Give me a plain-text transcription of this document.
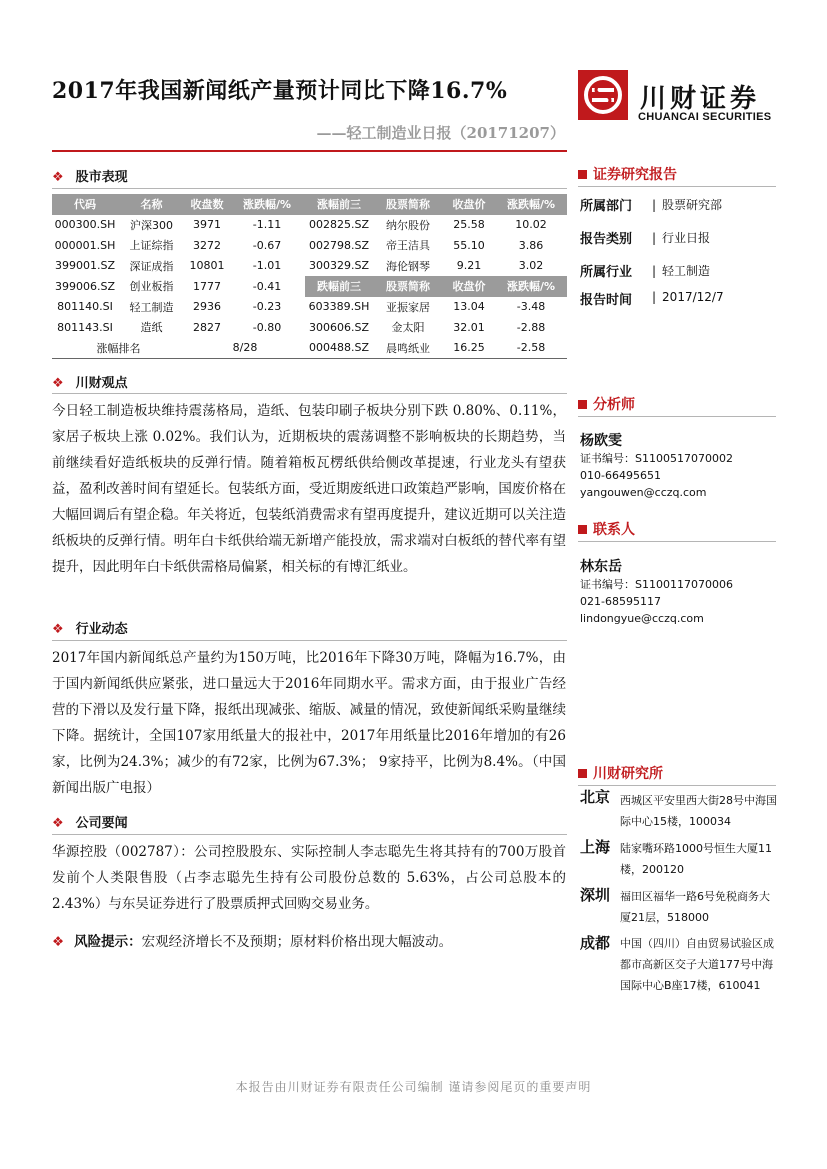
2017年我国新闻纸产量预计同比下降16.7%
——轻工制造业日报（20171207）
川财证券
CHUANCAI SECURITIES
❖ 股市表现
代码	名称	收盘数	涨跌幅/%	涨幅前三	股票简称	收盘价	涨跌幅/%
000300.SH	沪深300	3971	-1.11	002825.SZ	纳尔股份	25.58	10.02
000001.SH	上证综指	3272	-0.67	002798.SZ	帝王洁具	55.10	3.86
399001.SZ	深证成指	10801	-1.01	300329.SZ	海伦钢琴	9.21	3.02
399006.SZ	创业板指	1777	-0.41	跌幅前三	股票简称	收盘价	涨跌幅/%
801140.SI	轻工制造	2936	-0.23	603389.SH	亚振家居	13.04	-3.48
801143.SI	造纸	2827	-0.80	300606.SZ	金太阳	32.01	-2.88
涨幅排名		8/28		000488.SZ	晨鸣纸业	16.25	-2.58
❖ 川财观点
今日轻工制造板块维持震荡格局，造纸、包装印刷子板块分别下跌 0.80%、0.11%，家居子板块上涨 0.02%。我们认为，近期板块的震荡调整不影响板块的长期趋势，当前继续看好造纸板块的反弹行情。随着箱板瓦楞纸供给侧改革提速，行业龙头有望获益，盈利改善时间有望延长。包装纸方面，受近期废纸进口政策趋严影响，国废价格在大幅回调后有望企稳。年关将近，包装纸消费需求有望再度提升，建议近期可以关注造纸板块的反弹行情。明年白卡纸供给端无新增产能投放，需求端对白板纸的替代率有望提升，因此明年白卡纸供需格局偏紧，相关标的有博汇纸业。
❖ 行业动态
2017年国内新闻纸总产量约为150万吨，比2016年下降30万吨，降幅为16.7%，由于国内新闻纸供应紧张，进口量远大于2016年同期水平。需求方面，由于报业广告经营的下滑以及发行量下降，报纸出现减张、缩版、减量的情况，致使新闻纸采购量继续下降。据统计，全国107家用纸量大的报社中，2017年用纸量比2016年增加的有26家，比例为24.3%；减少的有72家，比例为67.3%； 9家持平，比例为8.4%。（中国新闻出版广电报）
❖ 公司要闻
华源控股（002787）：公司控股股东、实际控制人李志聪先生将其持有的700万股首发前个人类限售股（占李志聪先生持有公司股份总数的 5.63%，占公司总股本的 2.43%）与东吴证券进行了股票质押式回购交易业务。
❖ 风险提示：宏观经济增长不及预期；原材料价格出现大幅波动。
证券研究报告
所属部门 | 股票研究部
报告类别 | 行业日报
所属行业 | 轻工制造
报告时间 | 2017/12/7
分析师
杨欧雯
证书编号：S1100517070002
010-66495651
yangouwen@cczq.com
联系人
林东岳
证书编号：S1100117070006
021-68595117
lindongyue@cczq.com
川财研究所
北京 西城区平安里西大街28号中海国际中心15楼，100034
上海 陆家嘴环路1000号恒生大厦11楼，200120
深圳 福田区福华一路6号免税商务大厦21层，518000
成都 中国（四川）自由贸易试验区成都市高新区交子大道177号中海国际中心B座17楼，610041
本报告由川财证券有限责任公司编制 谨请参阅尾页的重要声明
